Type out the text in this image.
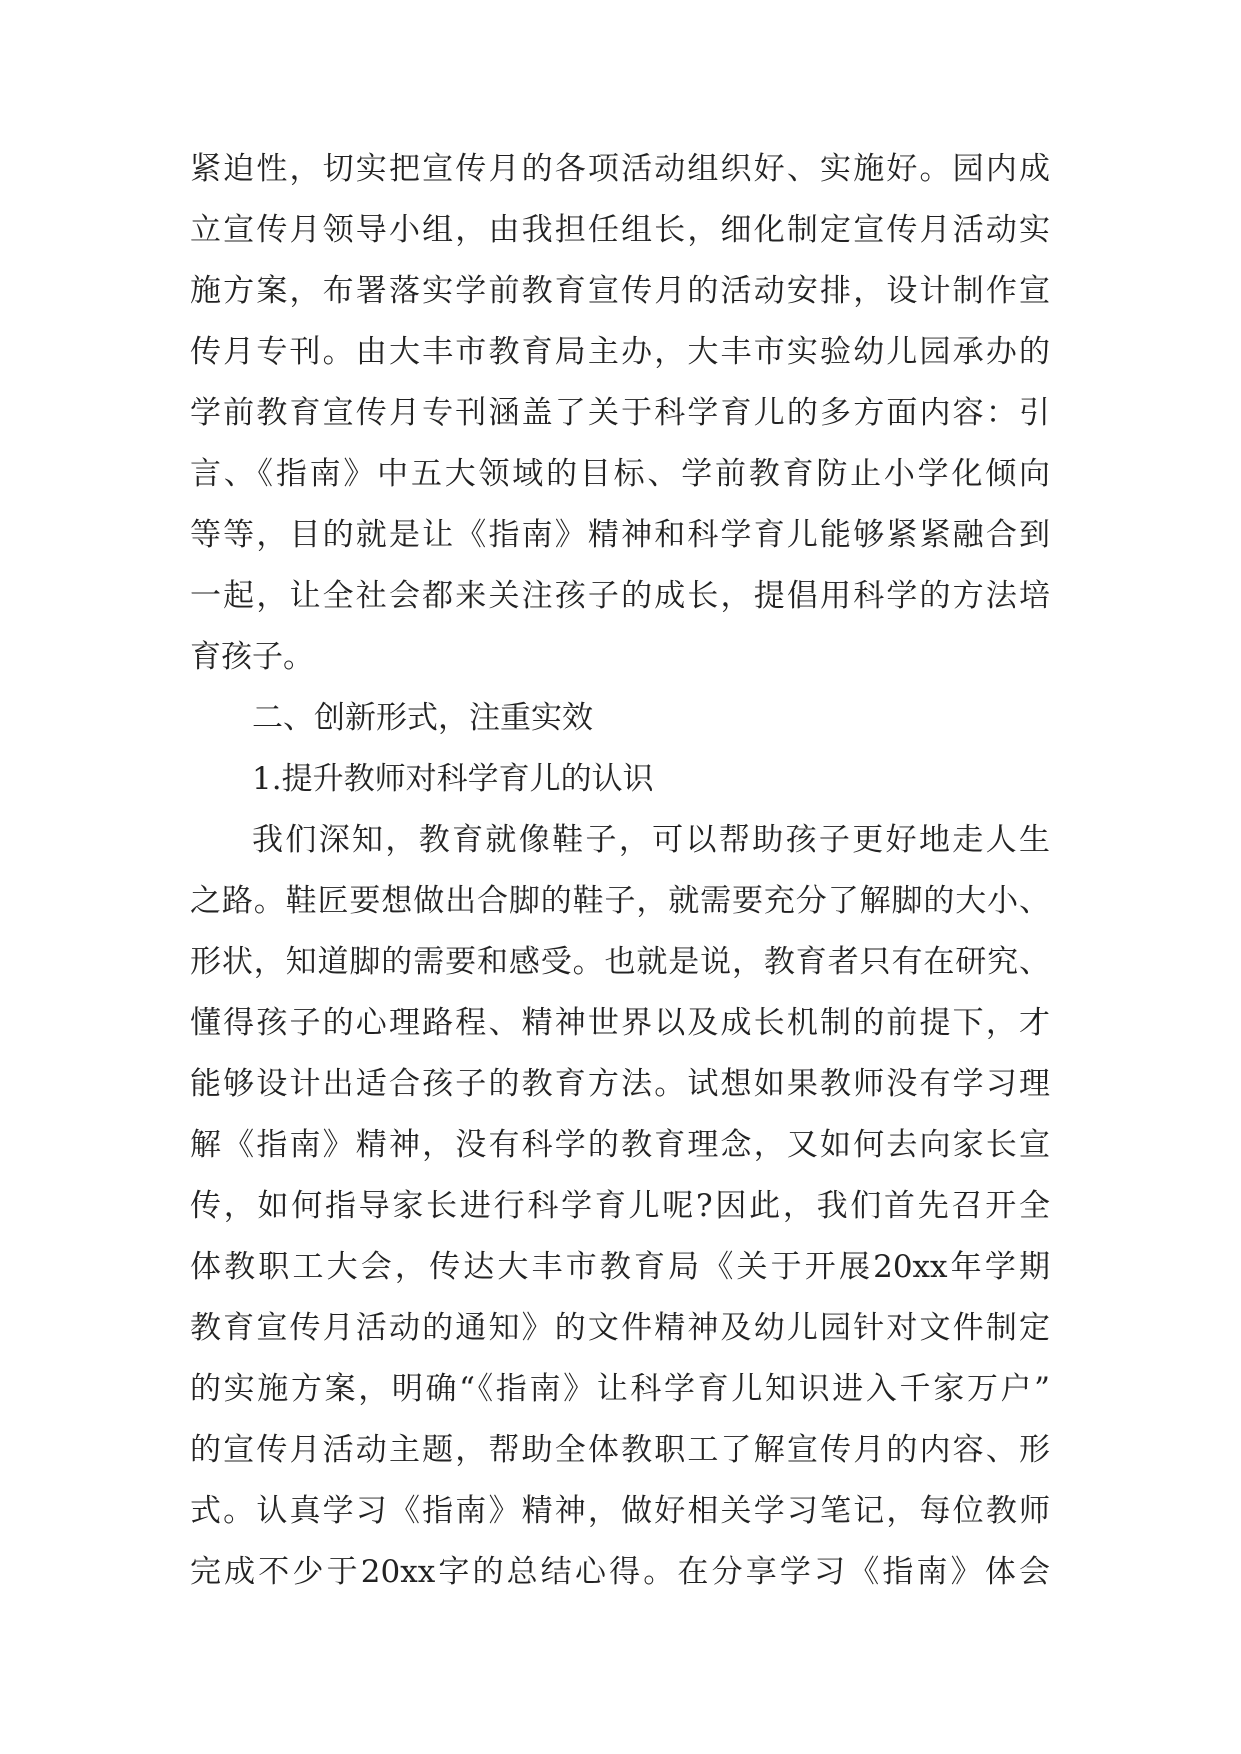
紧迫性，切实把宣传月的各项活动组织好、实施好。园内成
立宣传月领导小组，由我担任组长，细化制定宣传月活动实
施方案，布署落实学前教育宣传月的活动安排，设计制作宣
传月专刊。由大丰市教育局主办，大丰市实验幼儿园承办的
学前教育宣传月专刊涵盖了关于科学育儿的多方面内容：引
言、《指南》中五大领域的目标、学前教育防止小学化倾向
等等，目的就是让《指南》精神和科学育儿能够紧紧融合到
一起，让全社会都来关注孩子的成长，提倡用科学的方法培
育孩子。
二、创新形式，注重实效
1.提升教师对科学育儿的认识
我们深知，教育就像鞋子，可以帮助孩子更好地走人生
之路。鞋匠要想做出合脚的鞋子，就需要充分了解脚的大小、
形状，知道脚的需要和感受。也就是说，教育者只有在研究、
懂得孩子的心理路程、精神世界以及成长机制的前提下，才
能够设计出适合孩子的教育方法。试想如果教师没有学习理
解《指南》精神，没有科学的教育理念，又如何去向家长宣
传，如何指导家长进行科学育儿呢?因此，我们首先召开全
体教职工大会，传达大丰市教育局《关于开展20xx年学期
教育宣传月活动的通知》的文件精神及幼儿园针对文件制定
的实施方案，明确“《指南》让科学育儿知识进入千家万户”
的宣传月活动主题，帮助全体教职工了解宣传月的内容、形
式。认真学习《指南》精神，做好相关学习笔记，每位教师
完成不少于20xx字的总结心得。在分享学习《指南》体会
